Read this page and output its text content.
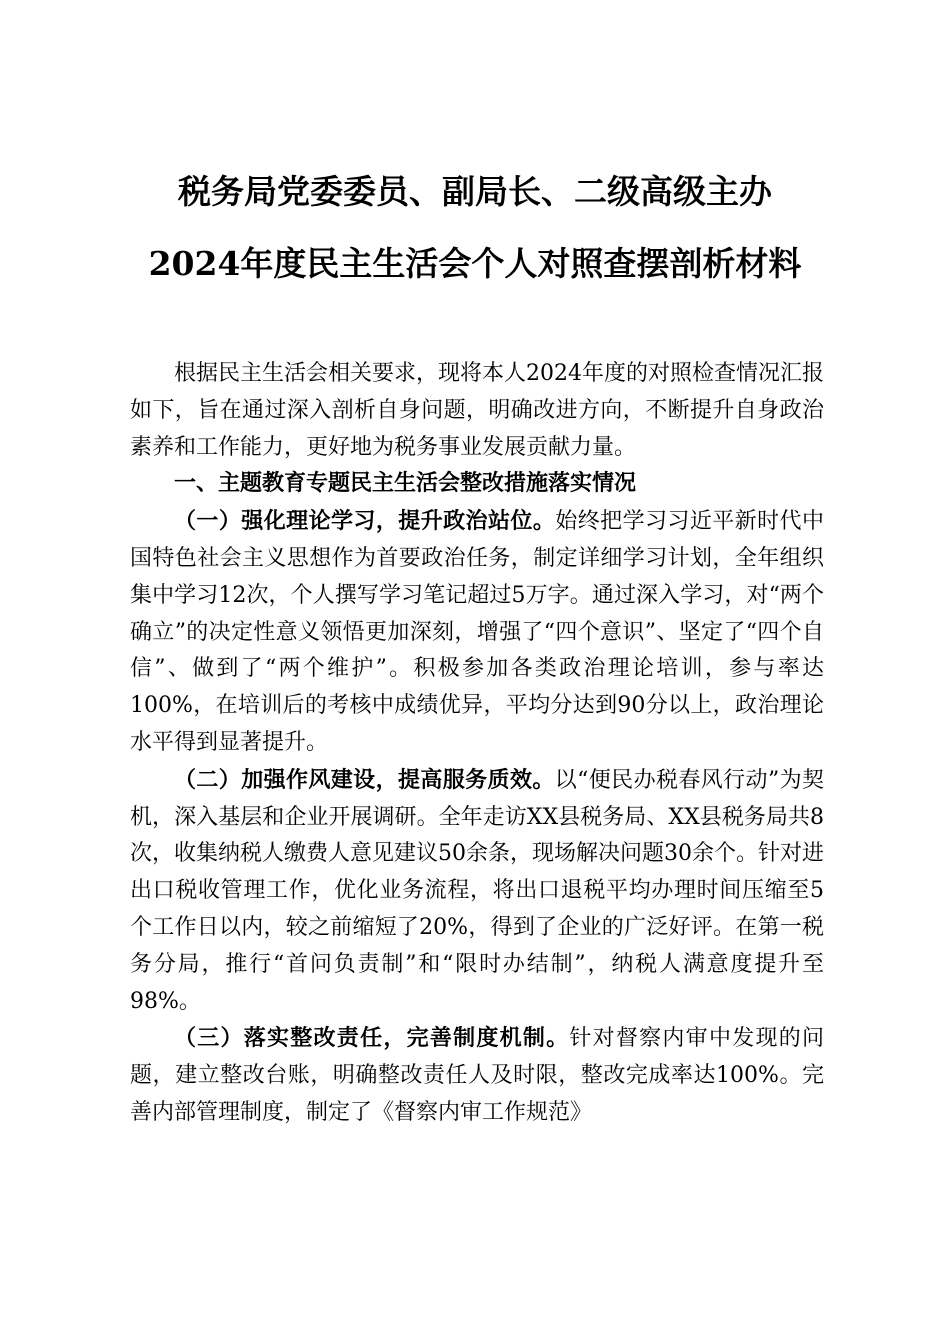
税务局党委委员、副局长、二级高级主办
2024年度民主生活会个人对照查摆剖析材料

根据民主生活会相关要求，现将本人2024年度的对照检查情况汇报如下，旨在通过深入剖析自身问题，明确改进方向，不断提升自身政治素养和工作能力，更好地为税务事业发展贡献力量。

一、主题教育专题民主生活会整改措施落实情况

（一）强化理论学习，提升政治站位。始终把学习习近平新时代中国特色社会主义思想作为首要政治任务，制定详细学习计划，全年组织集中学习12次，个人撰写学习笔记超过5万字。通过深入学习，对“两个确立”的决定性意义领悟更加深刻，增强了“四个意识”、坚定了“四个自信”、做到了“两个维护”。积极参加各类政治理论培训，参与率达100%，在培训后的考核中成绩优异，平均分达到90分以上，政治理论水平得到显著提升。

（二）加强作风建设，提高服务质效。以“便民办税春风行动”为契机，深入基层和企业开展调研。全年走访XX县税务局、XX县税务局共8次，收集纳税人缴费人意见建议50余条，现场解决问题30余个。针对进出口税收管理工作，优化业务流程，将出口退税平均办理时间压缩至5个工作日以内，较之前缩短了20%，得到了企业的广泛好评。在第一税务分局，推行“首问负责制”和“限时办结制”，纳税人满意度提升至98%。

（三）落实整改责任，完善制度机制。针对督察内审中发现的问题，建立整改台账，明确整改责任人及时限，整改完成率达100%。完善内部管理制度，制定了《督察内审工作规范》
